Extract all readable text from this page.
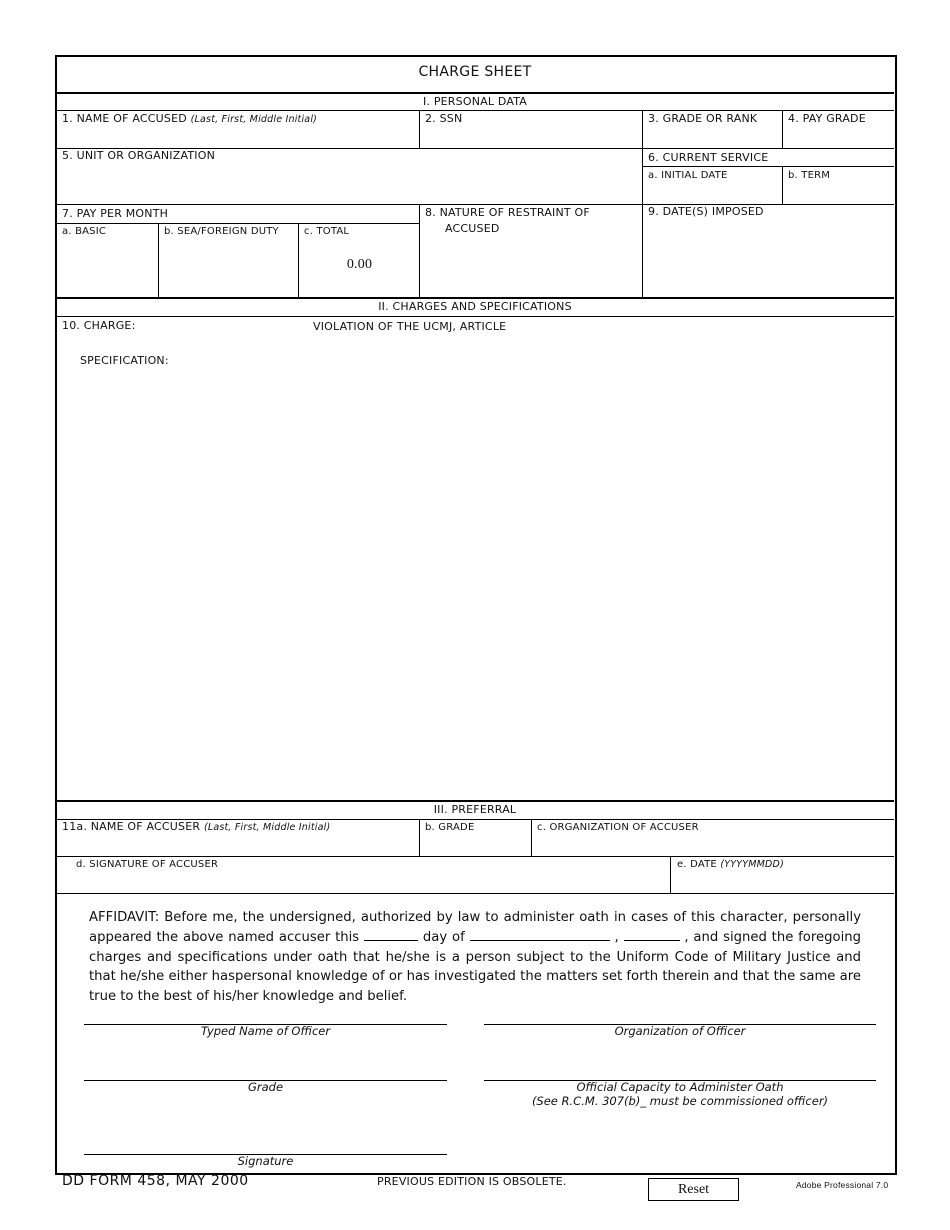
CHARGE SHEET
I. PERSONAL DATA
1. NAME OF ACCUSED (Last, First, Middle Initial)	2. SSN	3. GRADE OR RANK	4. PAY GRADE
5. UNIT OR ORGANIZATION	6. CURRENT SERVICE
a. INITIAL DATE	b. TERM
7. PAY PER MONTH
a. BASIC	b. SEA/FOREIGN DUTY	c. TOTAL
0.00
8. NATURE OF RESTRAINT OF
ACCUSED
9. DATE(S) IMPOSED
II. CHARGES AND SPECIFICATIONS
10. CHARGE:	VIOLATION OF THE UCMJ, ARTICLE
SPECIFICATION:
III. PREFERRAL
11a. NAME OF ACCUSER (Last, First, Middle Initial)	b. GRADE	c. ORGANIZATION OF ACCUSER
d. SIGNATURE OF ACCUSER	e. DATE (YYYYMMDD)
AFFIDAVIT: Before me, the undersigned, authorized by law to administer oath in cases of this character, personally appeared the above named accuser this	day of	,	, and signed the foregoing charges and specifications under oath that he/she is a person subject to the Uniform Code of Military Justice and that he/she either haspersonal knowledge of or has investigated the matters set forth therein and that the same are true to the best of his/her knowledge and belief.
Typed Name of Officer	Organization of Officer
Grade	Official Capacity to Administer Oath
(See R.C.M. 307(b)_ must be commissioned officer)
Signature
DD FORM 458, MAY 2000	PREVIOUS EDITION IS OBSOLETE.
Reset	Adobe Professional 7.0
